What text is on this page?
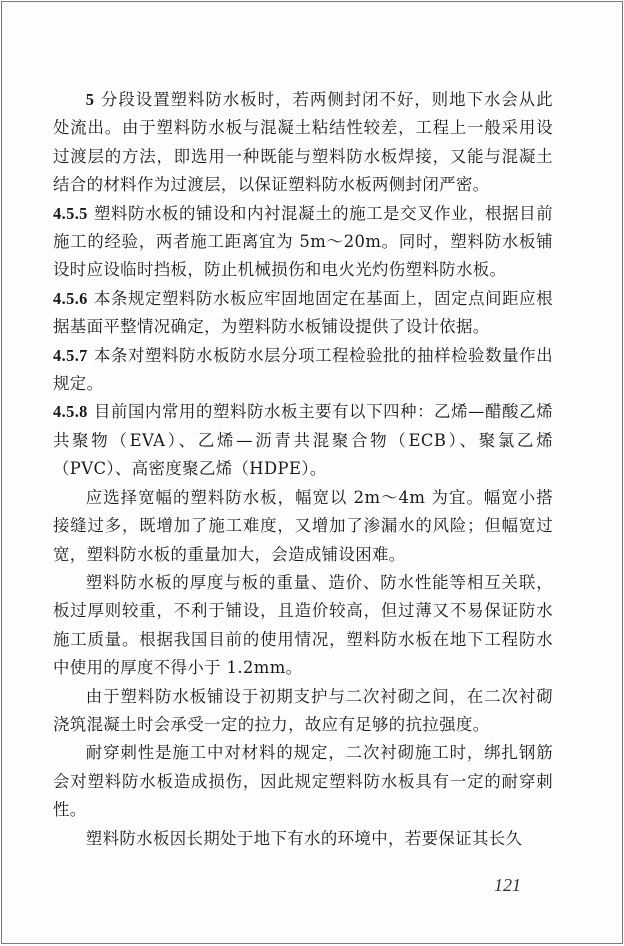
5 分段设置塑料防水板时，若两侧封闭不好，则地下水会从此处流出。由于塑料防水板与混凝土粘结性较差，工程上一般采用设过渡层的方法，即选用一种既能与塑料防水板焊接，又能与混凝土结合的材料作为过渡层，以保证塑料防水板两侧封闭严密。

4.5.5 塑料防水板的铺设和内衬混凝土的施工是交叉作业，根据目前施工的经验，两者施工距离宜为 5m～20m。同时，塑料防水板铺设时应设临时挡板，防止机械损伤和电火光灼伤塑料防水板。

4.5.6 本条规定塑料防水板应牢固地固定在基面上，固定点间距应根据基面平整情况确定，为塑料防水板铺设提供了设计依据。

4.5.7 本条对塑料防水板防水层分项工程检验批的抽样检验数量作出规定。

4.5.8 目前国内常用的塑料防水板主要有以下四种：乙烯—醋酸乙烯共聚物（EVA）、乙烯—沥青共混聚合物（ECB）、聚氯乙烯（PVC）、高密度聚乙烯（HDPE）。

应选择宽幅的塑料防水板，幅宽以 2m～4m 为宜。幅宽小搭接缝过多，既增加了施工难度，又增加了渗漏水的风险；但幅宽过宽，塑料防水板的重量加大，会造成铺设困难。

塑料防水板的厚度与板的重量、造价、防水性能等相互关联，板过厚则较重，不利于铺设，且造价较高，但过薄又不易保证防水施工质量。根据我国目前的使用情况，塑料防水板在地下工程防水中使用的厚度不得小于 1.2mm。

由于塑料防水板铺设于初期支护与二次衬砌之间，在二次衬砌浇筑混凝土时会承受一定的拉力，故应有足够的抗拉强度。

耐穿刺性是施工中对材料的规定，二次衬砌施工时，绑扎钢筋会对塑料防水板造成损伤，因此规定塑料防水板具有一定的耐穿刺性。

塑料防水板因长期处于地下有水的环境中，若要保证其长久

121
